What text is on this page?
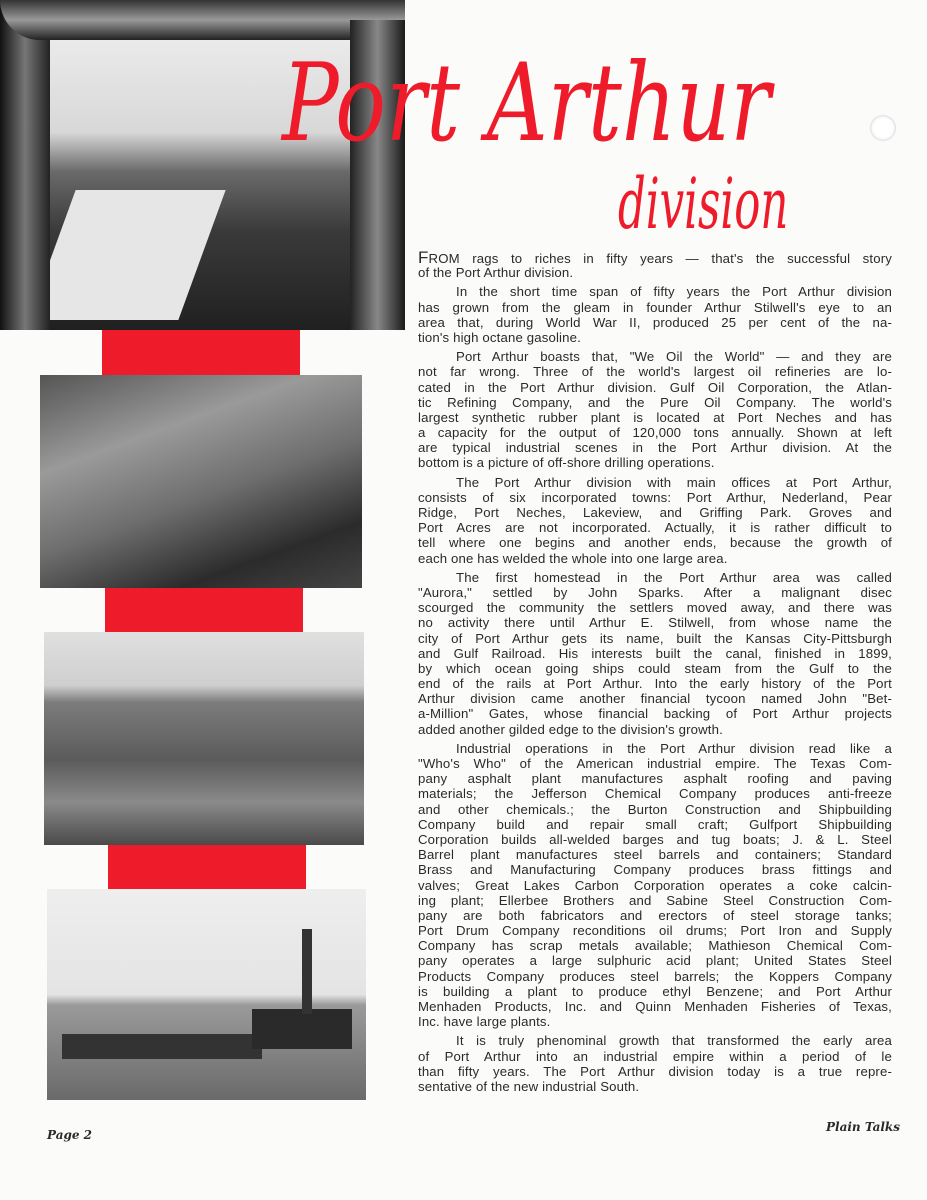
Port Arthur
division
FROM rags to riches in fifty years — that's the successful story
of the Port Arthur division.
In the short time span of fifty years the Port Arthur division
has grown from the gleam in founder Arthur Stilwell's eye to an
area that, during World War II, produced 25 per cent of the na-
tion's high octane gasoline.
Port Arthur boasts that, "We Oil the World" — and they are
not far wrong. Three of the world's largest oil refineries are lo-
cated in the Port Arthur division. Gulf Oil Corporation, the Atlan-
tic Refining Company, and the Pure Oil Company. The world's
largest synthetic rubber plant is located at Port Neches and has
a capacity for the output of 120,000 tons annually. Shown at left
are typical industrial scenes in the Port Arthur division. At the
bottom is a picture of off-shore drilling operations.
The Port Arthur division with main offices at Port Arthur,
consists of six incorporated towns: Port Arthur, Nederland, Pear
Ridge, Port Neches, Lakeview, and Griffing Park. Groves and
Port Acres are not incorporated. Actually, it is rather difficult to
tell where one begins and another ends, because the growth of
each one has welded the whole into one large area.
The first homestead in the Port Arthur area was called
"Aurora," settled by John Sparks. After a malignant disec
scourged the community the settlers moved away, and there was
no activity there until Arthur E. Stilwell, from whose name the
city of Port Arthur gets its name, built the Kansas City-Pittsburgh
and Gulf Railroad. His interests built the canal, finished in 1899,
by which ocean going ships could steam from the Gulf to the
end of the rails at Port Arthur. Into the early history of the Port
Arthur division came another financial tycoon named John "Bet-
a-Million" Gates, whose financial backing of Port Arthur projects
added another gilded edge to the division's growth.
Industrial operations in the Port Arthur division read like a
"Who's Who" of the American industrial empire. The Texas Com-
pany asphalt plant manufactures asphalt roofing and paving
materials; the Jefferson Chemical Company produces anti-freeze
and other chemicals.; the Burton Construction and Shipbuilding
Company build and repair small craft; Gulfport Shipbuilding
Corporation builds all-welded barges and tug boats; J. & L. Steel
Barrel plant manufactures steel barrels and containers; Standard
Brass and Manufacturing Company produces brass fittings and
valves; Great Lakes Carbon Corporation operates a coke calcin-
ing plant; Ellerbee Brothers and Sabine Steel Construction Com-
pany are both fabricators and erectors of steel storage tanks;
Port Drum Company reconditions oil drums; Port Iron and Supply
Company has scrap metals available; Mathieson Chemical Com-
pany operates a large sulphuric acid plant; United States Steel
Products Company produces steel barrels; the Koppers Company
is building a plant to produce ethyl Benzene; and Port Arthur
Menhaden Products, Inc. and Quinn Menhaden Fisheries of Texas,
Inc. have large plants.
It is truly phenominal growth that transformed the early area
of Port Arthur into an industrial empire within a period of le
than fifty years. The Port Arthur division today is a true repre-
sentative of the new industrial South.
Page 2
Plain Talks
